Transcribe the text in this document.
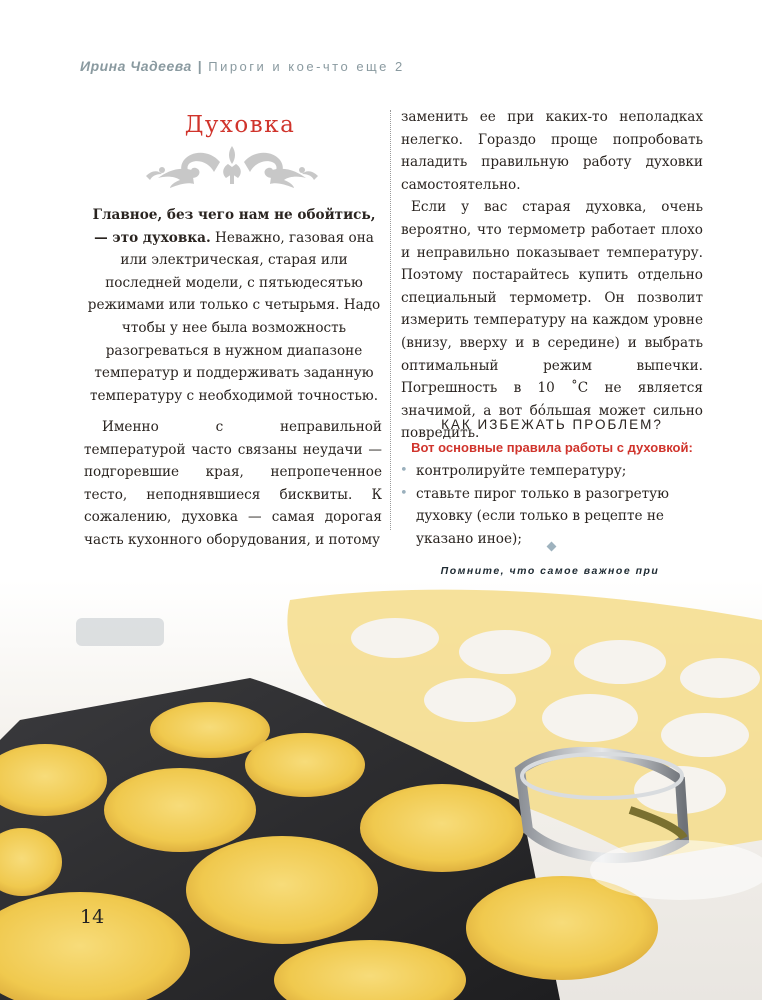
Ирина Чадеева | Пироги и кое-что еще 2
Духовка
Главное, без чего нам не обойтись, — это духовка. Неважно, газовая она или электрическая, старая или последней модели, с пятьюдесятью режимами или только с четырьмя. Надо чтобы у нее была возможность разогреваться в нужном диапазоне температур и поддерживать заданную температуру с необходимой точностью.

Именно с неправильной температурой часто связаны неудачи — подгоревшие края, непропеченное тесто, неподнявшиеся бисквиты. К сожалению, духовка — самая дорогая часть кухонного оборудования, и потому

заменить ее при каких-то неполадках нелегко. Гораздо проще попробовать наладить правильную работу духовки самостоятельно.

Если у вас старая духовка, очень вероятно, что термометр работает плохо и неправильно показывает температуру. Поэтому постарайтесь купить отдельно специальный термометр. Он позволит измерить температуру на каждом уровне (внизу, вверху и в середине) и выбрать оптимальный режим выпечки. Погрешность в 10 ˚С не является значимой, а вот бóльшая может сильно повредить.

КАК ИЗБЕЖАТЬ ПРОБЛЕМ?
Вот основные правила работы с духовкой:
• контролируйте температуру;
• ставьте пирог только в разогретую духовку (если только в рецепте не указано иное);
Помните, что самое важное при
14
